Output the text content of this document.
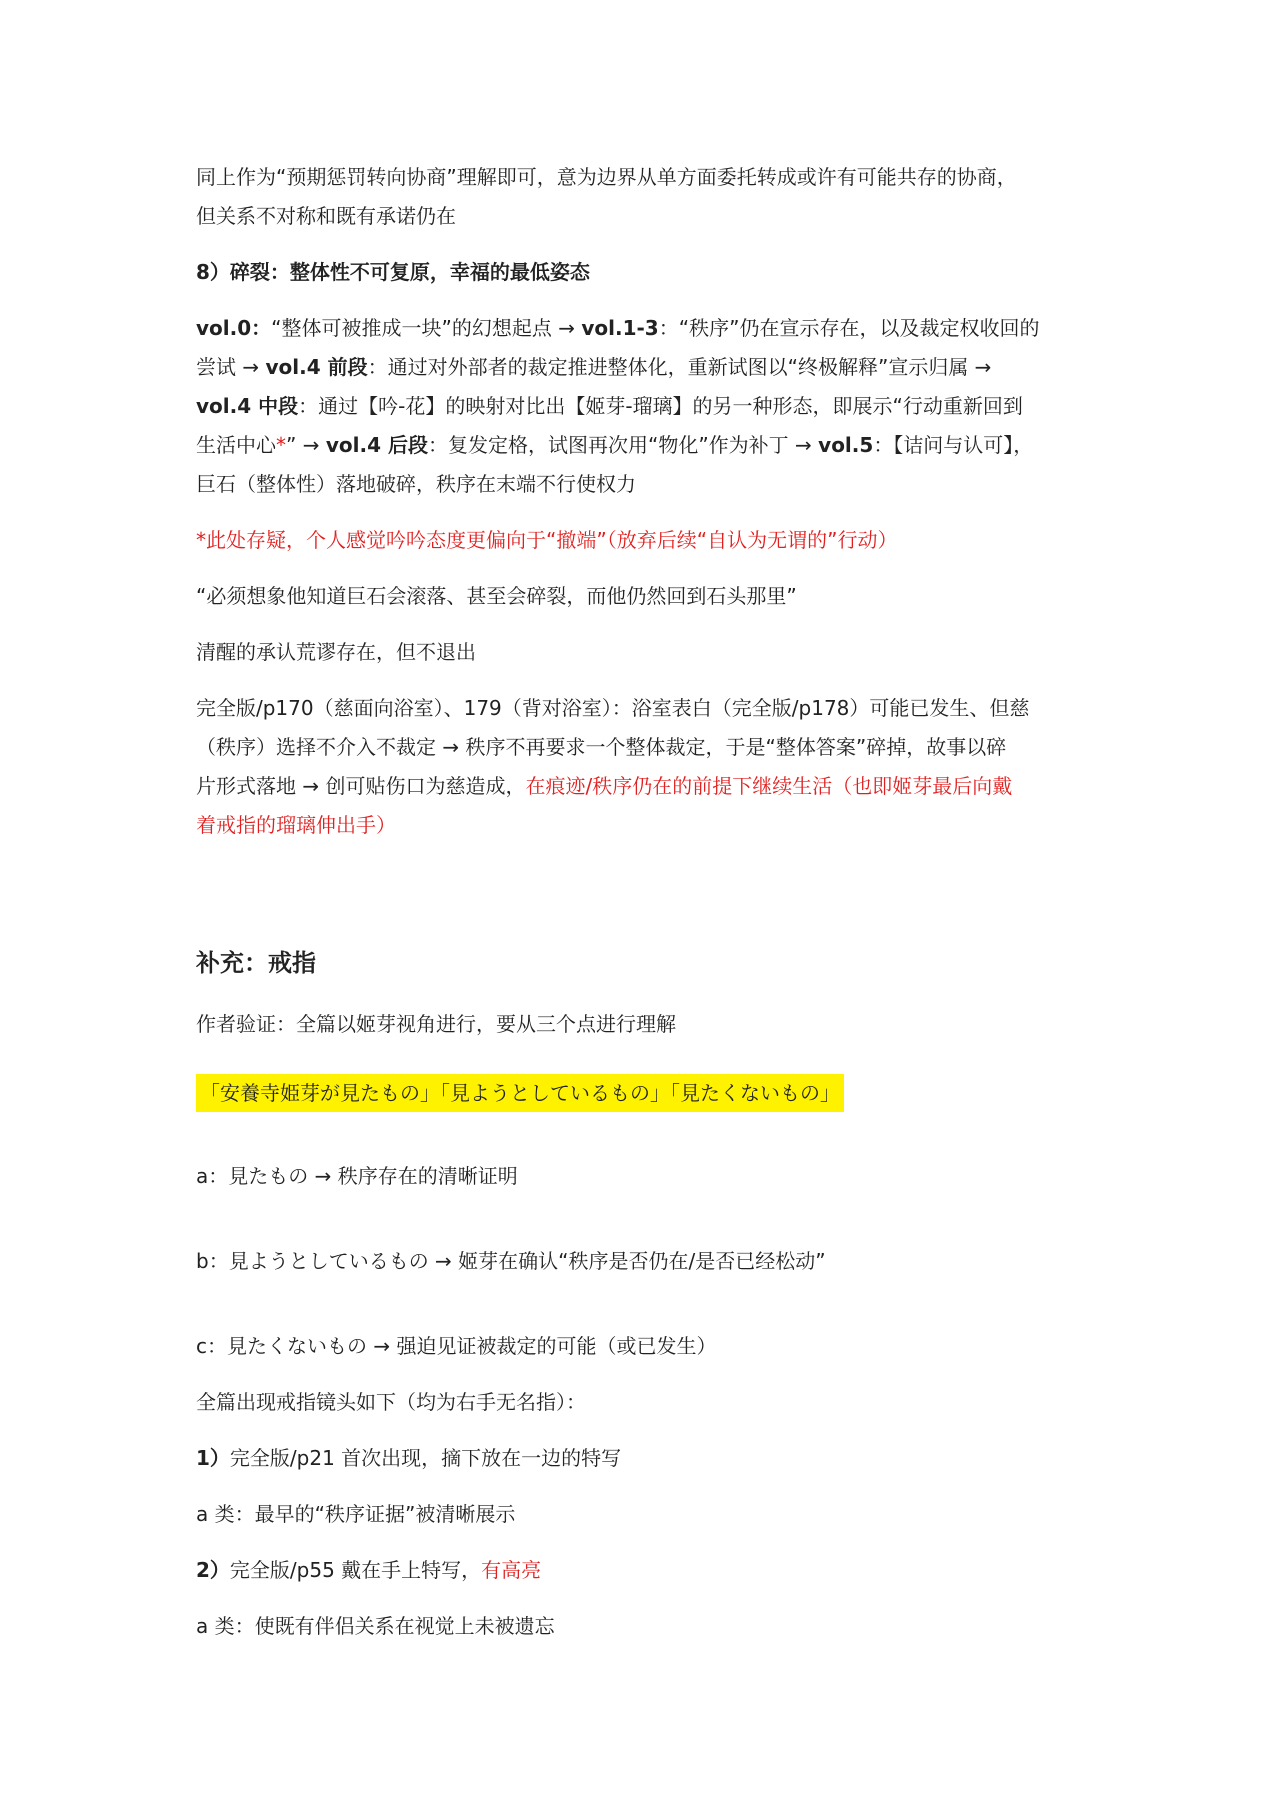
同上作为“预期惩罚转向协商”理解即可，意为边界从单方面委托转成或许有可能共存的协商，
但关系不对称和既有承诺仍在

8）碎裂：整体性不可复原，幸福的最低姿态

vol.0：“整体可被推成一块”的幻想起点 → vol.1-3：“秩序”仍在宣示存在，以及裁定权收回的
尝试 → vol.4 前段：通过对外部者的裁定推进整体化，重新试图以“终极解释”宣示归属 →
vol.4 中段：通过【吟-花】的映射对比出【姬芽-瑠璃】的另一种形态，即展示“行动重新回到
生活中心*” → vol.4 后段：复发定格，试图再次用“物化”作为补丁 → vol.5：【诘问与认可】，
巨石（整体性）落地破碎，秩序在末端不行使权力

*此处存疑，个人感觉吟吟态度更偏向于“撤端”（放弃后续“自认为无谓的”行动）

“必须想象他知道巨石会滚落、甚至会碎裂，而他仍然回到石头那里”

清醒的承认荒谬存在，但不退出

完全版/p170（慈面向浴室）、179（背对浴室）：浴室表白（完全版/p178）可能已发生、但慈
（秩序）选择不介入不裁定 → 秩序不再要求一个整体裁定，于是“整体答案”碎掉，故事以碎
片形式落地 → 创可贴伤口为慈造成，在痕迹/秩序仍在的前提下继续生活（也即姬芽最后向戴
着戒指的瑠璃伸出手）

补充：戒指

作者验证：全篇以姬芽视角进行，要从三个点进行理解

「安養寺姫芽が見たもの」「見ようとしているもの」「見たくないもの」

a：見たもの → 秩序存在的清晰证明

b：見ようとしているもの → 姬芽在确认“秩序是否仍在/是否已经松动”

c：見たくないもの → 强迫见证被裁定的可能（或已发生）

全篇出现戒指镜头如下（均为右手无名指）：

1）完全版/p21 首次出现，摘下放在一边的特写

a 类：最早的“秩序证据”被清晰展示

2）完全版/p55 戴在手上特写，有高亮

a 类：使既有伴侣关系在视觉上未被遗忘
